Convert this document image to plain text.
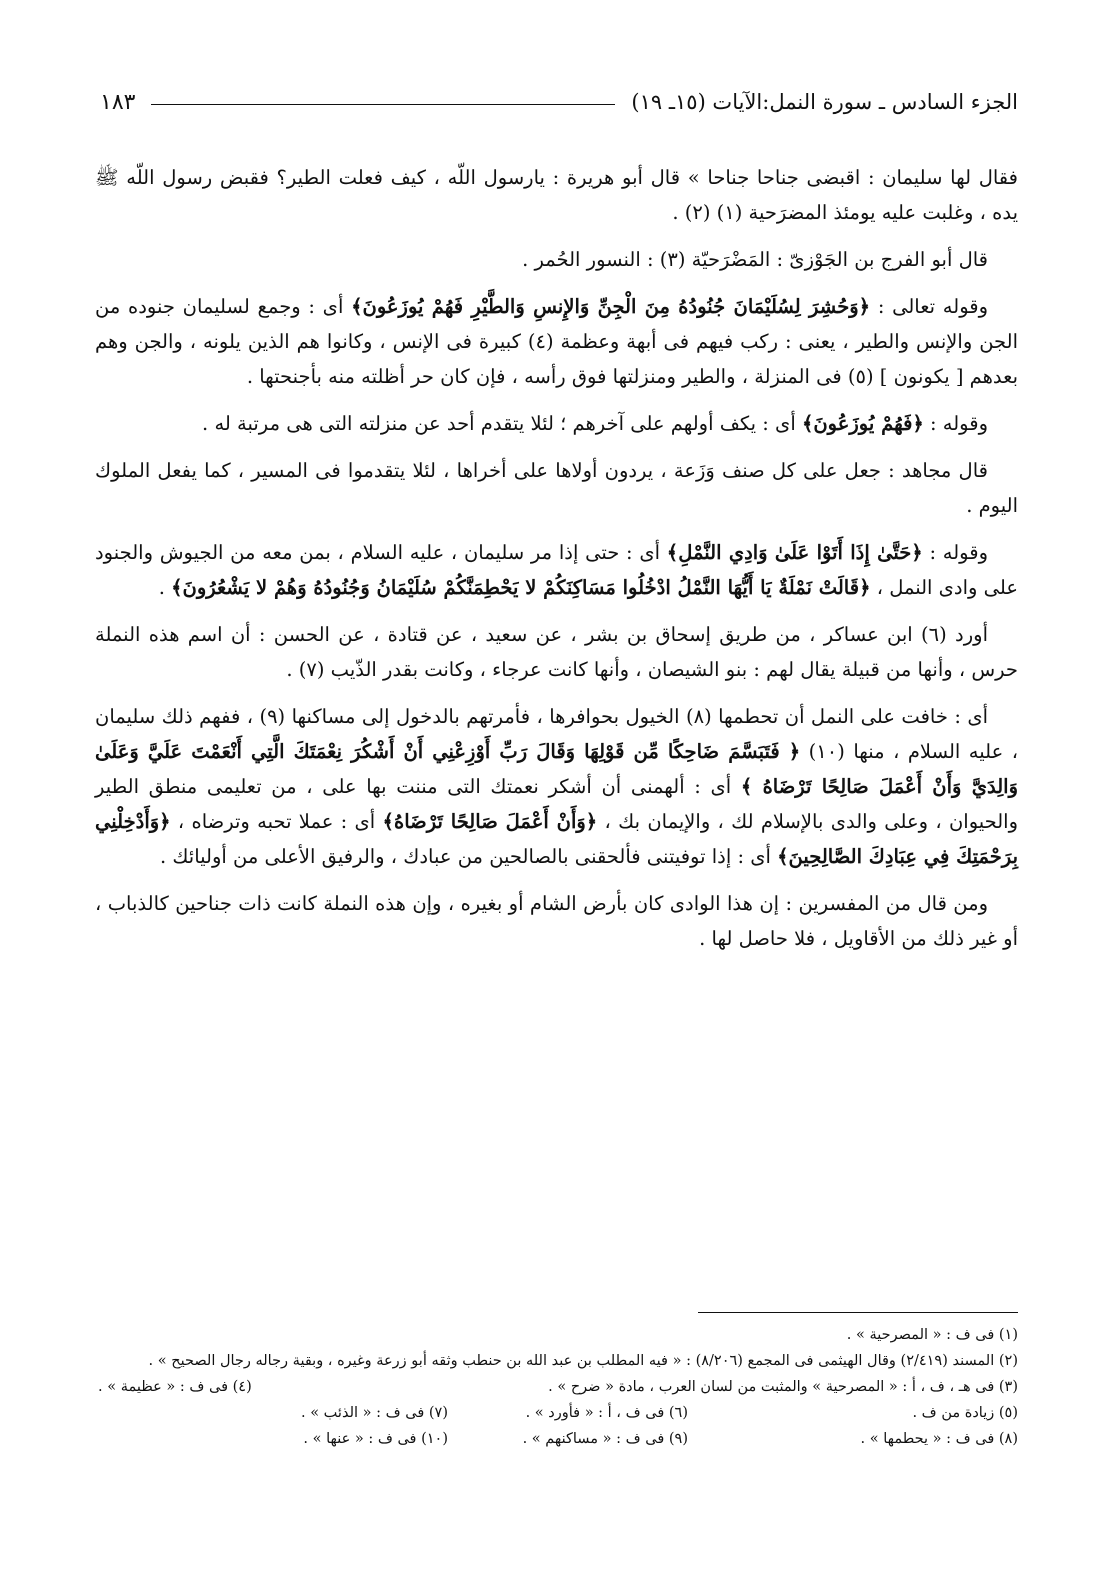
الجزء السادس ـ سورة النمل:الآيات (١٥ـ ١٩)
١٨٣

فقال لها سليمان : اقبضى جناحا جناحا » قال أبو هريرة : يارسول اللّه ، كيف فعلت الطير؟ فقبض رسول اللّه ﷺ يده ، وغلبت عليه يومئذ المضرَحية (١) (٢) .

قال أبو الفرج بن الجَوْزىّ : المَضْرَحيّة (٣) : النسور الحُمر .

وقوله تعالى : ﴿وَحُشِرَ لِسُلَيْمَانَ جُنُودُهُ مِنَ الْجِنِّ وَالإِنسِ وَالطَّيْرِ فَهُمْ يُوزَعُونَ﴾ أى : وجمع لسليمان جنوده من الجن والإنس والطير ، يعنى : ركب فيهم فى أبهة وعظمة (٤) كبيرة فى الإنس ، وكانوا هم الذين يلونه ، والجن وهم بعدهم [ يكونون ] (٥) فى المنزلة ، والطير ومنزلتها فوق رأسه ، فإن كان حر أظلته منه بأجنحتها .

وقوله : ﴿فَهُمْ يُوزَعُونَ﴾ أى : يكف أولهم على آخرهم ؛ لئلا يتقدم أحد عن منزلته التى هى مرتبة له .

قال مجاهد : جعل على كل صنف وَزَعة ، يردون أولاها على أخراها ، لئلا يتقدموا فى المسير ، كما يفعل الملوك اليوم .

وقوله : ﴿حَتَّىٰ إِذَا أَتَوْا عَلَىٰ وَادِي النَّمْلِ﴾ أى : حتى إذا مر سليمان ، عليه السلام ، بمن معه من الجيوش والجنود على وادى النمل ، ﴿قَالَتْ نَمْلَةٌ يَا أَيُّهَا النَّمْلُ ادْخُلُوا مَسَاكِنَكُمْ لا يَحْطِمَنَّكُمْ سُلَيْمَانُ وَجُنُودُهُ وَهُمْ لا يَشْعُرُونَ﴾ .

أورد (٦) ابن عساكر ، من طريق إسحاق بن بشر ، عن سعيد ، عن قتادة ، عن الحسن : أن اسم هذه النملة حرس ، وأنها من قبيلة يقال لهم : بنو الشيصان ، وأنها كانت عرجاء ، وكانت بقدر الذّيب (٧) .

أى : خافت على النمل أن تحطمها (٨) الخيول بحوافرها ، فأمرتهم بالدخول إلى مساكنها (٩) ، ففهم ذلك سليمان ، عليه السلام ، منها (١٠) ﴿ فَتَبَسَّمَ ضَاحِكًا مِّن قَوْلِهَا وَقَالَ رَبِّ أَوْزِعْنِي أَنْ أَشْكُرَ نِعْمَتَكَ الَّتِي أَنْعَمْتَ عَلَيَّ وَعَلَىٰ وَالِدَيَّ وَأَنْ أَعْمَلَ صَالِحًا تَرْضَاهُ ﴾ أى : ألهمنى أن أشكر نعمتك التى مننت بها على ، من تعليمى منطق الطير والحيوان ، وعلى والدى بالإسلام لك ، والإيمان بك ، ﴿وَأَنْ أَعْمَلَ صَالِحًا تَرْضَاهُ﴾ أى : عملا تحبه وترضاه ، ﴿وَأَدْخِلْنِي بِرَحْمَتِكَ فِي عِبَادِكَ الصَّالِحِينَ﴾ أى : إذا توفيتنى فألحقنى بالصالحين من عبادك ، والرفيق الأعلى من أوليائك .

ومن قال من المفسرين : إن هذا الوادى كان بأرض الشام أو بغيره ، وإن هذه النملة كانت ذات جناحين كالذباب ، أو غير ذلك من الأقاويل ، فلا حاصل لها .

(١) فى ف : « المصرحية » .
(٢) المسند (٢/٤١٩) وقال الهيثمى فى المجمع (٨/٢٠٦) : « فيه المطلب بن عبد الله بن حنطب وثقه أبو زرعة وغيره ، وبقية رجاله رجال الصحيح » .
(٣) فى هـ ، ف ، أ : « المصرحية » والمثبت من لسان العرب ، مادة « ضرح » .
(٤) فى ف : « عظيمة » .
(٥) زيادة من ف .
(٦) فى ف ، أ : « فأورد » .
(٧) فى ف : « الذئب » .
(٨) فى ف : « يحطمها » .
(٩) فى ف : « مساكنهم » .
(١٠) فى ف : « عنها » .
